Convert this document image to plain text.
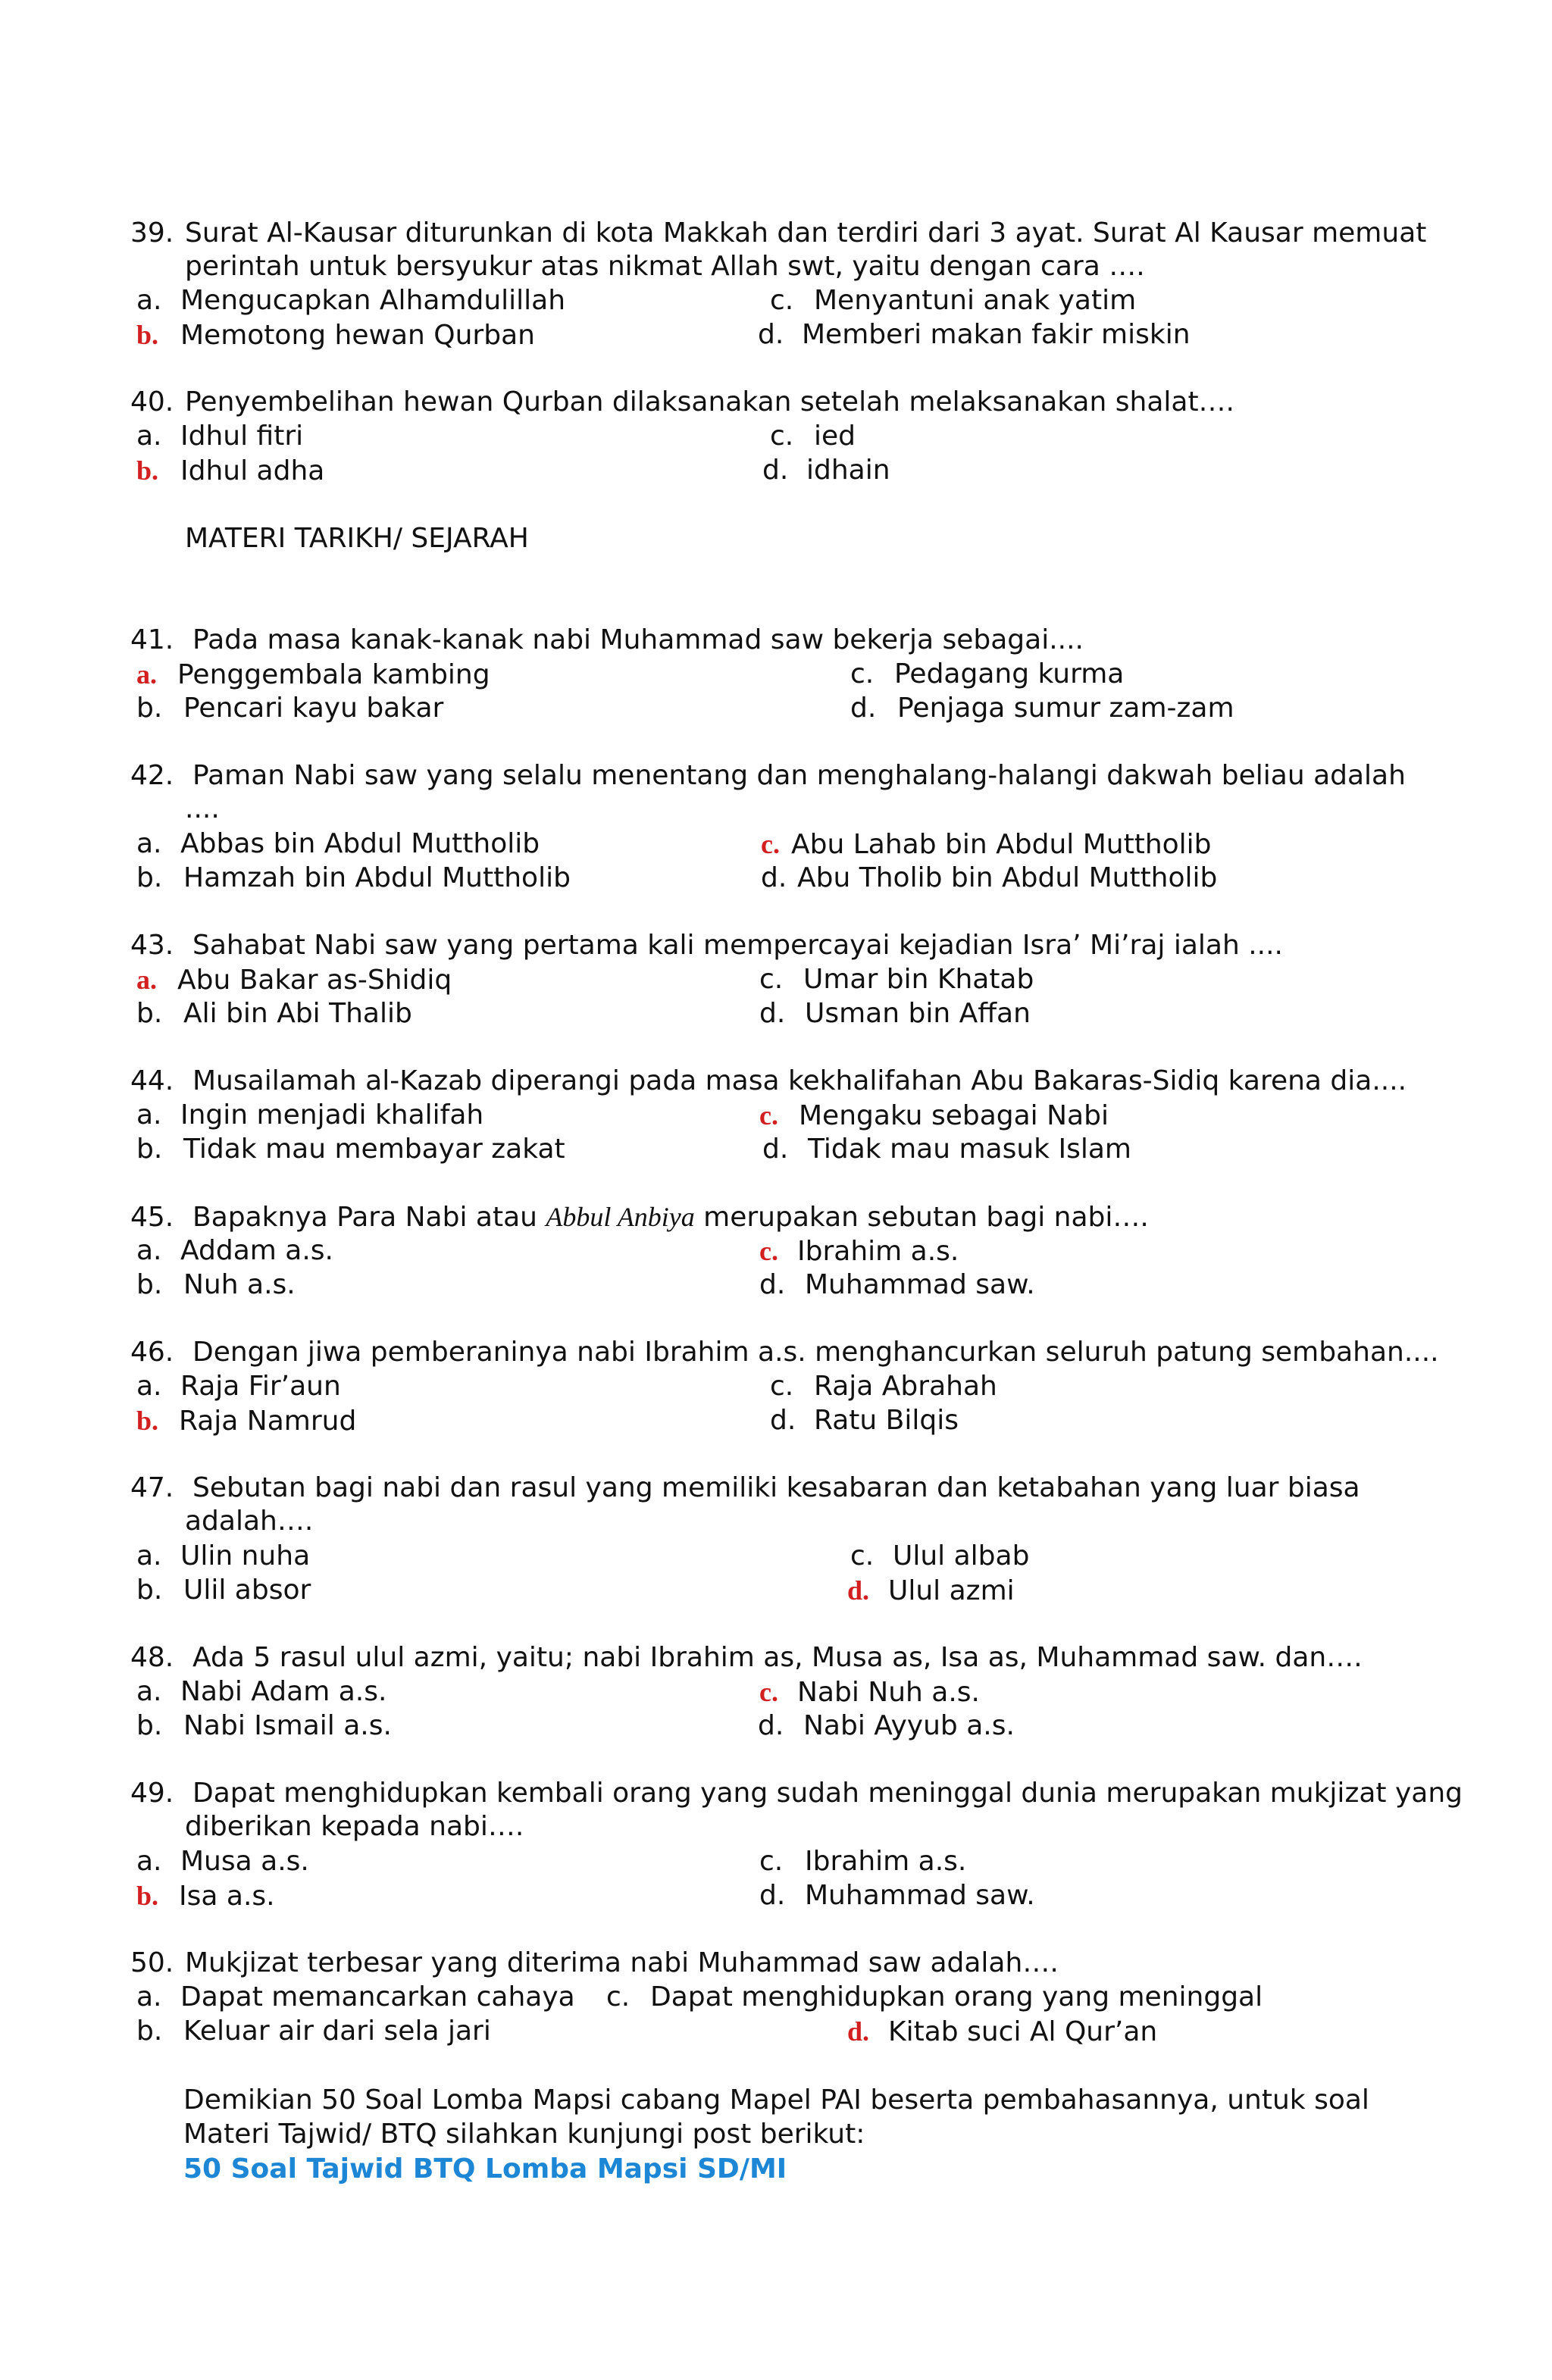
39. Surat Al-Kausar diturunkan di kota Makkah dan terdiri dari 3 ayat. Surat Al Kausar memuat
perintah untuk bersyukur atas nikmat Allah swt, yaitu dengan cara ….
a. Mengucapkan Alhamdulillah	c. Menyantuni anak yatim
b. Memotong hewan Qurban	d. Memberi makan fakir miskin
40. Penyembelihan hewan Qurban dilaksanakan setelah melaksanakan shalat….
a. Idhul fitri	c. ied
b. Idhul adha	d. idhain
MATERI TARIKH/ SEJARAH
41. Pada masa kanak-kanak nabi Muhammad saw bekerja sebagai....
a. Penggembala kambing	c. Pedagang kurma
b. Pencari kayu bakar	d. Penjaga sumur zam-zam
42. Paman Nabi saw yang selalu menentang dan menghalang-halangi dakwah beliau adalah
....
a. Abbas bin Abdul Muttholib	c. Abu Lahab bin Abdul Muttholib
b. Hamzah bin Abdul Muttholib	d. Abu Tholib bin Abdul Muttholib
43. Sahabat Nabi saw yang pertama kali mempercayai kejadian Isra’ Mi’raj ialah ....
a. Abu Bakar as-Shidiq	c. Umar bin Khatab
b. Ali bin Abi Thalib	d. Usman bin Affan
44. Musailamah al-Kazab diperangi pada masa kekhalifahan Abu Bakaras-Sidiq karena dia....
a. Ingin menjadi khalifah	c. Mengaku sebagai Nabi
b. Tidak mau membayar zakat	d. Tidak mau masuk Islam
45. Bapaknya Para Nabi atau Abbul Anbiya merupakan sebutan bagi nabi….
a. Addam a.s.	c. Ibrahim a.s.
b. Nuh a.s.	d. Muhammad saw.
46. Dengan jiwa pemberaninya nabi Ibrahim a.s. menghancurkan seluruh patung sembahan....
a. Raja Fir’aun	c. Raja Abrahah
b. Raja Namrud	d. Ratu Bilqis
47. Sebutan bagi nabi dan rasul yang memiliki kesabaran dan ketabahan yang luar biasa
adalah….
a. Ulin nuha	c. Ulul albab
b. Ulil absor	d. Ulul azmi
48. Ada 5 rasul ulul azmi, yaitu; nabi Ibrahim as, Musa as, Isa as, Muhammad saw. dan….
a. Nabi Adam a.s.	c. Nabi Nuh a.s.
b. Nabi Ismail a.s.	d. Nabi Ayyub a.s.
49. Dapat menghidupkan kembali orang yang sudah meninggal dunia merupakan mukjizat yang
diberikan kepada nabi….
a. Musa a.s.	c. Ibrahim a.s.
b. Isa a.s.	d. Muhammad saw.
50. Mukjizat terbesar yang diterima nabi Muhammad saw adalah….
a. Dapat memancarkan cahaya c. Dapat menghidupkan orang yang meninggal
b. Keluar air dari sela jari	d. Kitab suci Al Qur’an
Demikian 50 Soal Lomba Mapsi cabang Mapel PAI beserta pembahasannya, untuk soal
Materi Tajwid/ BTQ silahkan kunjungi post berikut:
50 Soal Tajwid BTQ Lomba Mapsi SD/MI
